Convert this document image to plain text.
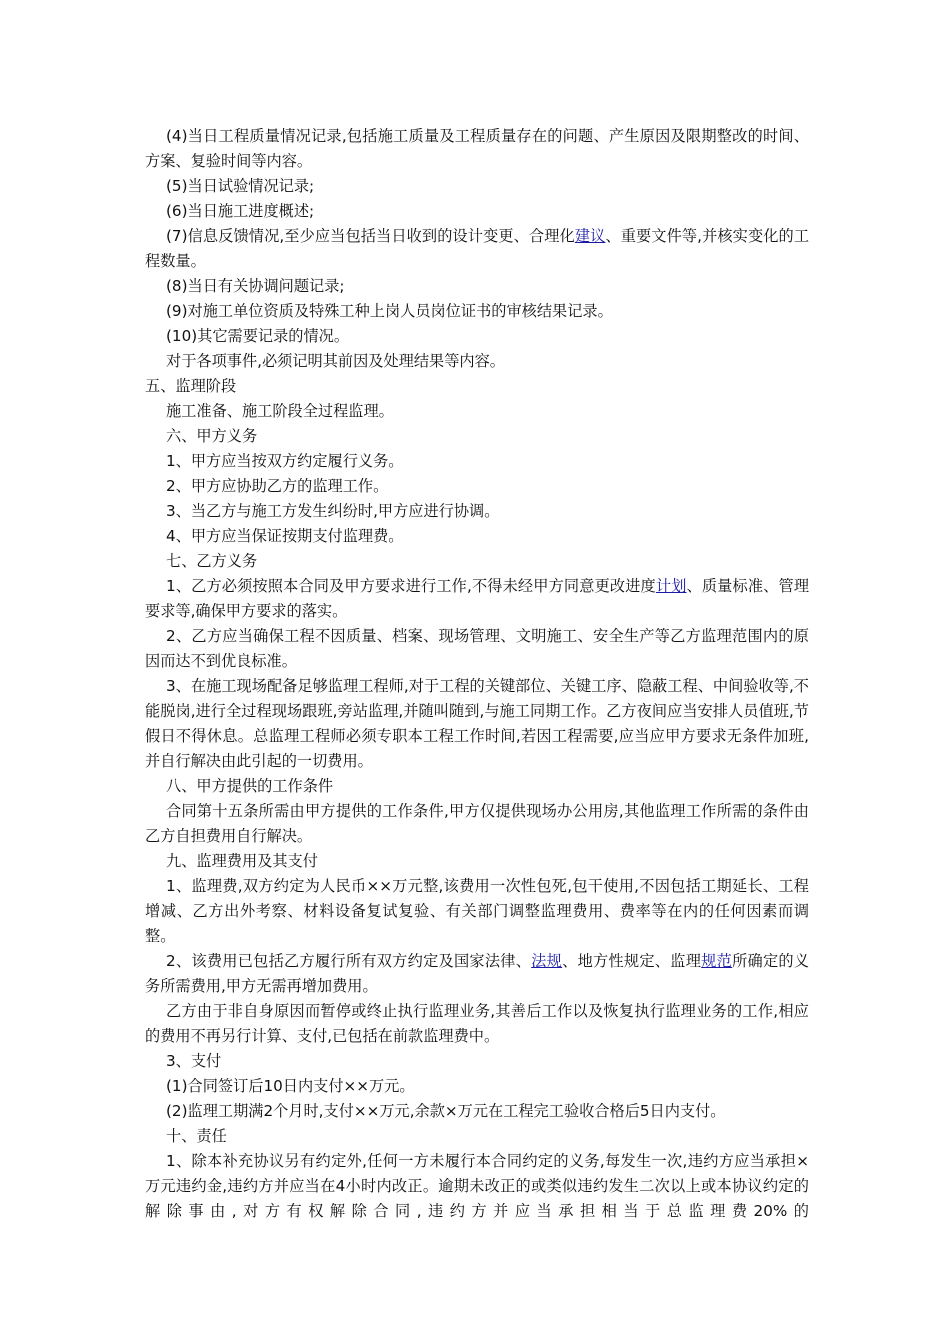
(4)当日工程质量情况记录,包括施工质量及工程质量存在的问题、产生原因及限期整改的时间、方案、复验时间等内容。

(5)当日试验情况记录;

(6)当日施工进度概述;

(7)信息反馈情况,至少应当包括当日收到的设计变更、合理化建议、重要文件等,并核实变化的工程数量。

(8)当日有关协调问题记录;

(9)对施工单位资质及特殊工种上岗人员岗位证书的审核结果记录。

(10)其它需要记录的情况。

对于各项事件,必须记明其前因及处理结果等内容。

五、监理阶段

施工准备、施工阶段全过程监理。

六、甲方义务

1、甲方应当按双方约定履行义务。

2、甲方应协助乙方的监理工作。

3、当乙方与施工方发生纠纷时,甲方应进行协调。

4、甲方应当保证按期支付监理费。

七、乙方义务

1、乙方必须按照本合同及甲方要求进行工作,不得未经甲方同意更改进度计划、质量标准、管理要求等,确保甲方要求的落实。

2、乙方应当确保工程不因质量、档案、现场管理、文明施工、安全生产等乙方监理范围内的原因而达不到优良标准。

3、在施工现场配备足够监理工程师,对于工程的关键部位、关键工序、隐蔽工程、中间验收等,不能脱岗,进行全过程现场跟班,旁站监理,并随叫随到,与施工同期工作。乙方夜间应当安排人员值班,节假日不得休息。总监理工程师必须专职本工程工作时间,若因工程需要,应当应甲方要求无条件加班,并自行解决由此引起的一切费用。

八、甲方提供的工作条件

合同第十五条所需由甲方提供的工作条件,甲方仅提供现场办公用房,其他监理工作所需的条件由乙方自担费用自行解决。

九、监理费用及其支付

1、监理费,双方约定为人民币××万元整,该费用一次性包死,包干使用,不因包括工期延长、工程增减、乙方出外考察、材料设备复试复验、有关部门调整监理费用、费率等在内的任何因素而调整。

2、该费用已包括乙方履行所有双方约定及国家法律、法规、地方性规定、监理规范所确定的义务所需费用,甲方无需再增加费用。

乙方由于非自身原因而暂停或终止执行监理业务,其善后工作以及恢复执行监理业务的工作,相应的费用不再另行计算、支付,已包括在前款监理费中。

3、支付

(1)合同签订后10日内支付××万元。

(2)监理工期满2个月时,支付××万元,余款×万元在工程完工验收合格后5日内支付。

十、责任

1、除本补充协议另有约定外,任何一方未履行本合同约定的义务,每发生一次,违约方应当承担×万元违约金,违约方并应当在4小时内改正。逾期未改正的或类似违约发生二次以上或本协议约定的解除事由,对方有权解除合同,违约方并应当承担相当于总监理费20%的
